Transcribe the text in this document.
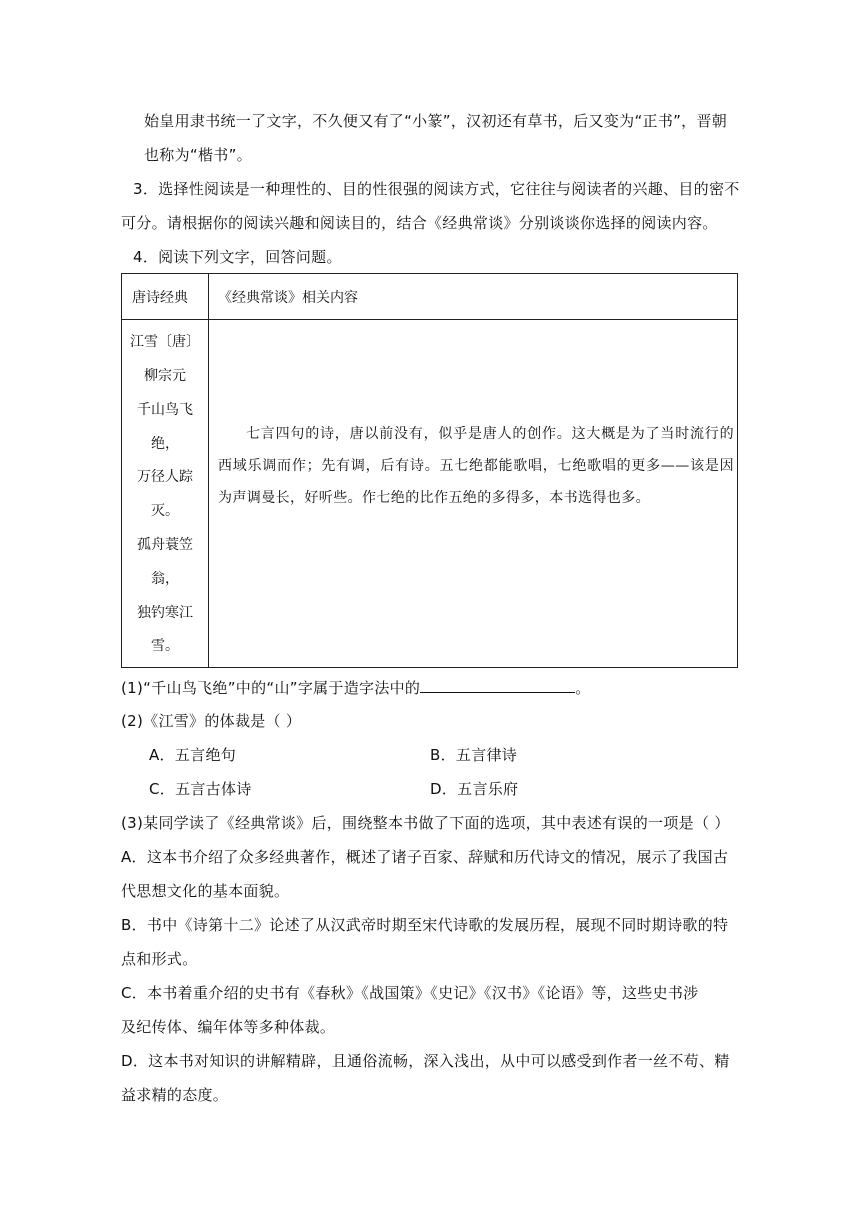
始皇用隶书统一了文字，不久便又有了“小篆”，汉初还有草书，后又变为“正书”，晋朝
也称为“楷书”。
3．选择性阅读是一种理性的、目的性很强的阅读方式，它往往与阅读者的兴趣、目的密不
可分。请根据你的阅读兴趣和阅读目的，结合《经典常谈》分别谈谈你选择的阅读内容。
4．阅读下列文字，回答问题。
唐诗经典 《经典常谈》相关内容
江雪〔唐〕
柳宗元
千山鸟飞
绝，
万径人踪
灭。
孤舟蓑笠
翁，
独钓寒江
雪。
七言四句的诗，唐以前没有，似乎是唐人的创作。这大概是为了当时流行的西域乐调而作；先有调，后有诗。五七绝都能歌唱，七绝歌唱的更多——该是因为声调曼长，好听些。作七绝的比作五绝的多得多，本书选得也多。
(1)“千山鸟飞绝”中的“山”字属于造字法中的	。
(2)《江雪》的体裁是（ ）
A．五言绝句	B．五言律诗
C．五言古体诗	D．五言乐府
(3)某同学读了《经典常谈》后，围绕整本书做了下面的选项，其中表述有误的一项是（ ）
A．这本书介绍了众多经典著作，概述了诸子百家、辞赋和历代诗文的情况，展示了我国古
代思想文化的基本面貌。
B．书中《诗第十二》论述了从汉武帝时期至宋代诗歌的发展历程，展现不同时期诗歌的特
点和形式。
C．本书着重介绍的史书有《春秋》《战国策》《史记》《汉书》《论语》等，这些史书涉
及纪传体、编年体等多种体裁。
D．这本书对知识的讲解精辟，且通俗流畅，深入浅出，从中可以感受到作者一丝不苟、精
益求精的态度。
